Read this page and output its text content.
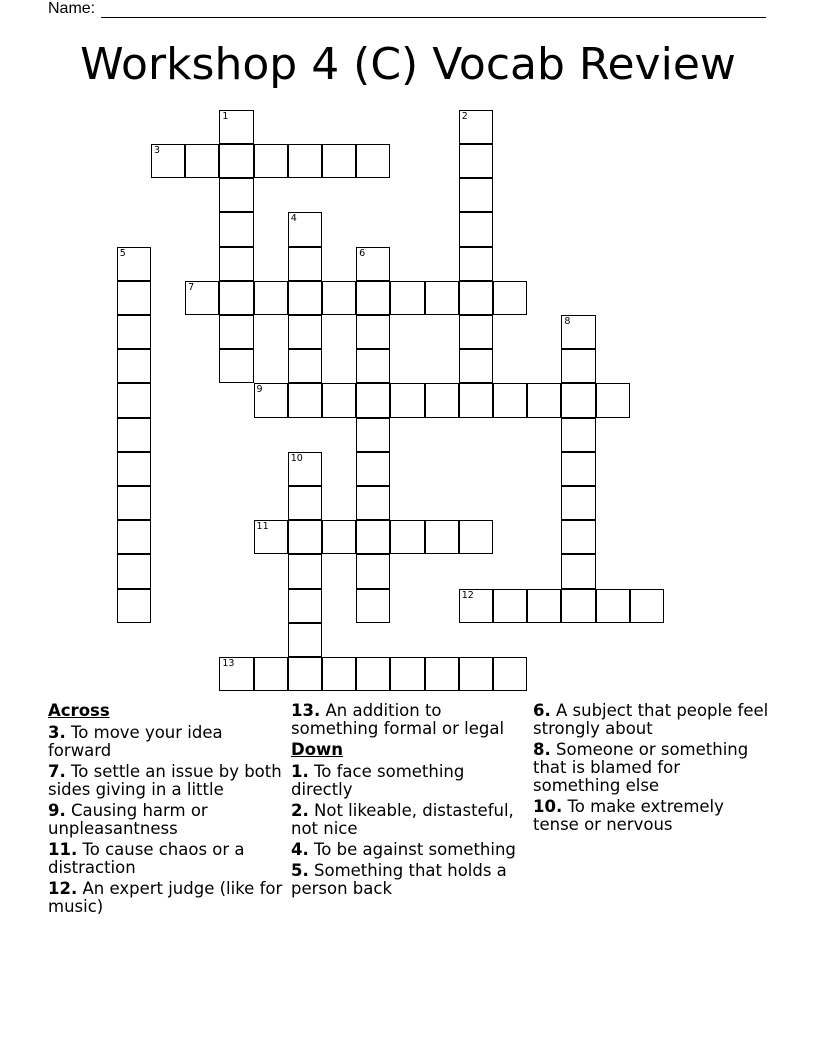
Name:
Workshop 4 (C) Vocab Review
1	2
3
4
5	6
7
8
9
10
11
12
13
Across
3. To move your idea forward
7. To settle an issue by both sides giving in a little
9. Causing harm or unpleasantness
11. To cause chaos or a distraction
12. An expert judge (like for music)
13. An addition to something formal or legal
Down
1. To face something directly
2. Not likeable, distasteful, not nice
4. To be against something
5. Something that holds a person back
6. A subject that people feel strongly about
8. Someone or something that is blamed for something else
10. To make extremely tense or nervous
